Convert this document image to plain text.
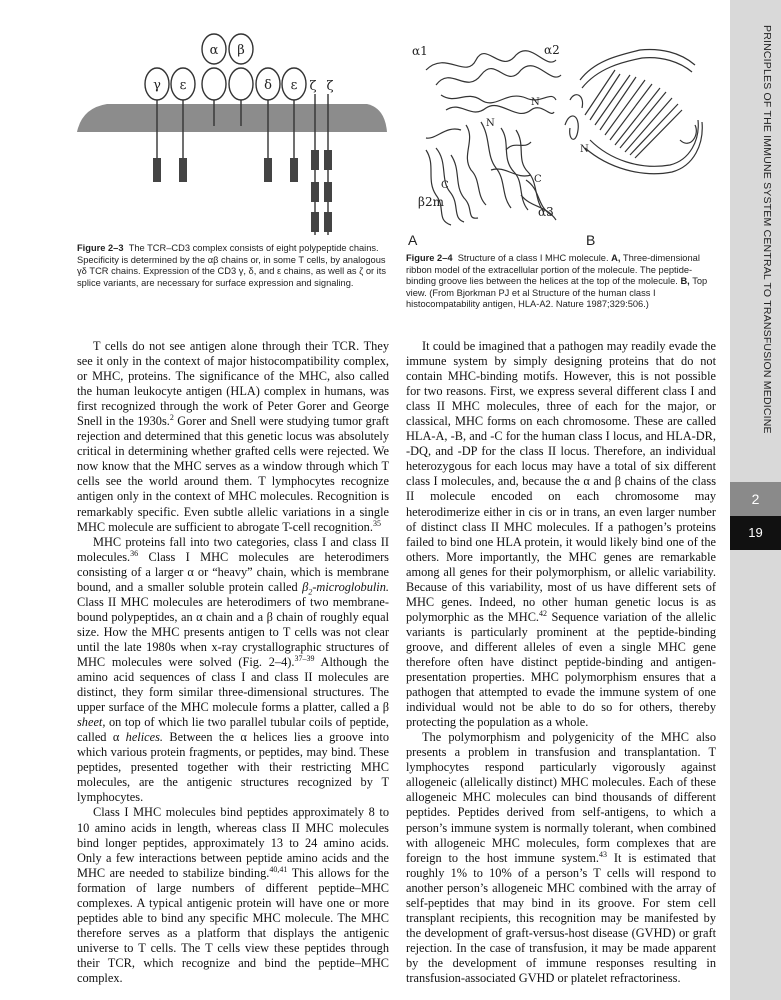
PRINCIPLES OF THE IMMUNE SYSTEM CENTRAL TO TRANSFUSION MEDICINE
2
19
γ ε
α β
δ ε ζ ζ
Figure 2–3 The TCR–CD3 complex consists of eight polypeptide chains. Specificity is determined by the αβ chains or, in some T cells, by analogous γδ TCR chains. Expression of the CD3 γ, δ, and ε chains, as well as ζ or its splice variants, are necessary for surface expression and signaling.
α1	α2
β2m
α3
N
N
C
C
N
A	B
Figure 2–4 Structure of a class I MHC molecule. A, Three-dimensional ribbon model of the extracellular portion of the molecule. The peptide-binding groove lies between the helices at the top of the molecule. B, Top view. (From Bjorkman PJ et al Structure of the human class I histocompatability antigen, HLA-A2. Nature 1987;329:506.)

T cells do not see antigen alone through their TCR. They see it only in the context of major histocompatibility complex, or MHC, proteins. The significance of the MHC, also called the human leukocyte antigen (HLA) complex in humans, was first recognized through the work of Peter Gorer and George Snell in the 1930s.$^2$ Gorer and Snell were studying tumor graft rejection and determined that this genetic locus was absolutely critical in determining whether grafted cells were rejected. We now know that the MHC serves as a window through which T cells see the world around them. T lymphocytes recognize antigen only in the context of MHC molecules. Recognition is remarkably specific. Even subtle allelic variations in a single MHC molecule are sufficient to abrogate T-cell recognition.$^{35}$

MHC proteins fall into two categories, class I and class II molecules.$^{36}$ Class I MHC molecules are heterodimers consisting of a larger α or “heavy” chain, which is membrane bound, and a smaller soluble protein called $\beta_2$-microglobulin. Class II MHC molecules are heterodimers of two membrane-bound polypeptides, an α chain and a β chain of roughly equal size. How the MHC presents antigen to T cells was not clear until the late 1980s when x-ray crystallographic structures of MHC molecules were solved (Fig. 2–4).$^{37-39}$ Although the amino acid sequences of class I and class II molecules are distinct, they form similar three-dimensional structures. The upper surface of the MHC molecule forms a platter, called a β sheet, on top of which lie two parallel tubular coils of peptide, called α helices. Between the α helices lies a groove into which various protein fragments, or peptides, may bind. These peptides, presented together with their restricting MHC molecules, are the antigenic structures recognized by T lymphocytes.

Class I MHC molecules bind peptides approximately 8 to 10 amino acids in length, whereas class II MHC molecules bind longer peptides, approximately 13 to 24 amino acids. Only a few interactions between peptide amino acids and the MHC are needed to stabilize binding.$^{40,41}$ This allows for the formation of large numbers of different peptide–MHC complexes. A typical antigenic protein will have one or more peptides able to bind any specific MHC molecule. The MHC therefore serves as a platform that displays the antigenic universe to T cells. The T cells view these peptides through their TCR, which recognize and bind the peptide–MHC complex.

It could be imagined that a pathogen may readily evade the immune system by simply designing proteins that do not contain MHC-binding motifs. However, this is not possible for two reasons. First, we express several different class I and class II MHC molecules, three of each for the major, or classical, MHC forms on each chromosome. These are called HLA-A, -B, and -C for the human class I locus, and HLA-DR, -DQ, and -DP for the class II locus. Therefore, an individual heterozygous for each locus may have a total of six different class I molecules, and, because the α and β chains of the class II molecule encoded on each chromosome may heterodimerize either in cis or in trans, an even larger number of distinct class II MHC molecules. If a pathogen’s proteins failed to bind one HLA protein, it would likely bind one of the others. More importantly, the MHC genes are remarkable among all genes for their polymorphism, or allelic variability. Because of this variability, most of us have different sets of MHC genes. Indeed, no other human genetic locus is as polymorphic as the MHC.$^{42}$ Sequence variation of the allelic variants is particularly prominent at the peptide-binding groove, and different alleles of even a single MHC gene therefore often have distinct peptide-binding and antigen-presentation properties. MHC polymorphism ensures that a pathogen that attempted to evade the immune system of one individual would not be able to do so for others, thereby protecting the population as a whole.

The polymorphism and polygenicity of the MHC also presents a problem in transfusion and transplantation. T lymphocytes respond particularly vigorously against allogeneic (allelically distinct) MHC molecules. Each of these allogeneic MHC molecules can bind thousands of different peptides. Peptides derived from self-antigens, to which a person’s immune system is normally tolerant, when combined with allogeneic MHC molecules, form complexes that are foreign to the host immune system.$^{43}$ It is estimated that roughly 1% to 10% of a person’s T cells will respond to another person’s allogeneic MHC combined with the array of self-peptides that may bind in its groove. For stem cell transplant recipients, this recognition may be manifested by the development of graft-versus-host disease (GVHD) or graft rejection. In the case of transfusion, it may be made apparent by the development of immune responses resulting in transfusion-associated GVHD or platelet refractoriness.
